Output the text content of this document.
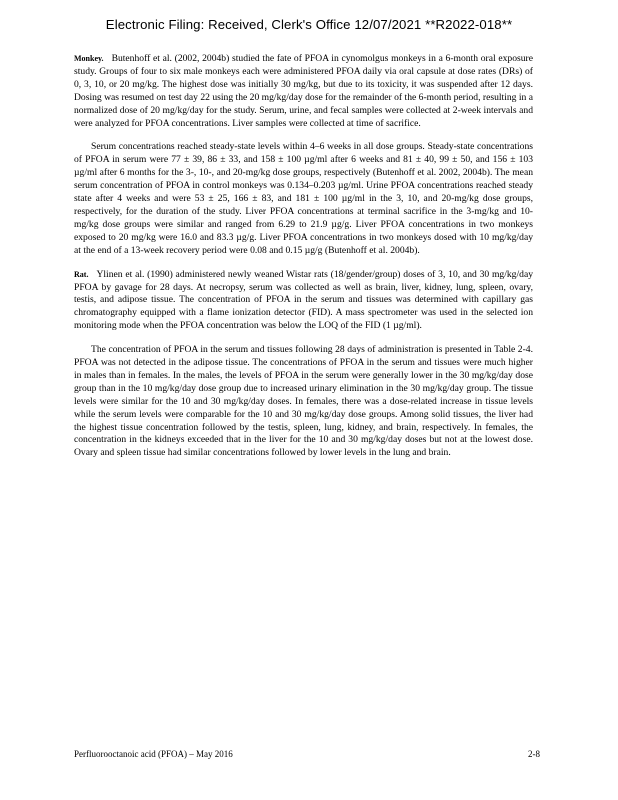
Electronic Filing: Received, Clerk's Office 12/07/2021 **R2022-018**

Monkey. Butenhoff et al. (2002, 2004b) studied the fate of PFOA in cynomolgus monkeys in a 6-month oral exposure study. Groups of four to six male monkeys each were administered PFOA daily via oral capsule at dose rates (DRs) of 0, 3, 10, or 20 mg/kg. The highest dose was initially 30 mg/kg, but due to its toxicity, it was suspended after 12 days. Dosing was resumed on test day 22 using the 20 mg/kg/day dose for the remainder of the 6-month period, resulting in a normalized dose of 20 mg/kg/day for the study. Serum, urine, and fecal samples were collected at 2-week intervals and were analyzed for PFOA concentrations. Liver samples were collected at time of sacrifice.

Serum concentrations reached steady-state levels within 4–6 weeks in all dose groups. Steady-state concentrations of PFOA in serum were 77 ± 39, 86 ± 33, and 158 ± 100 µg/ml after 6 weeks and 81 ± 40, 99 ± 50, and 156 ± 103 µg/ml after 6 months for the 3-, 10-, and 20-mg/kg dose groups, respectively (Butenhoff et al. 2002, 2004b). The mean serum concentration of PFOA in control monkeys was 0.134–0.203 µg/ml. Urine PFOA concentrations reached steady state after 4 weeks and were 53 ± 25, 166 ± 83, and 181 ± 100 µg/ml in the 3, 10, and 20-mg/kg dose groups, respectively, for the duration of the study. Liver PFOA concentrations at terminal sacrifice in the 3-mg/kg and 10-mg/kg dose groups were similar and ranged from 6.29 to 21.9 µg/g. Liver PFOA concentrations in two monkeys exposed to 20 mg/kg were 16.0 and 83.3 µg/g. Liver PFOA concentrations in two monkeys dosed with 10 mg/kg/day at the end of a 13-week recovery period were 0.08 and 0.15 µg/g (Butenhoff et al. 2004b).

Rat. Ylinen et al. (1990) administered newly weaned Wistar rats (18/gender/group) doses of 3, 10, and 30 mg/kg/day PFOA by gavage for 28 days. At necropsy, serum was collected as well as brain, liver, kidney, lung, spleen, ovary, testis, and adipose tissue. The concentration of PFOA in the serum and tissues was determined with capillary gas chromatography equipped with a flame ionization detector (FID). A mass spectrometer was used in the selected ion monitoring mode when the PFOA concentration was below the LOQ of the FID (1 µg/ml).

The concentration of PFOA in the serum and tissues following 28 days of administration is presented in Table 2-4. PFOA was not detected in the adipose tissue. The concentrations of PFOA in the serum and tissues were much higher in males than in females. In the males, the levels of PFOA in the serum were generally lower in the 30 mg/kg/day dose group than in the 10 mg/kg/day dose group due to increased urinary elimination in the 30 mg/kg/day group. The tissue levels were similar for the 10 and 30 mg/kg/day doses. In females, there was a dose-related increase in tissue levels while the serum levels were comparable for the 10 and 30 mg/kg/day dose groups. Among solid tissues, the liver had the highest tissue concentration followed by the testis, spleen, lung, kidney, and brain, respectively. In females, the concentration in the kidneys exceeded that in the liver for the 10 and 30 mg/kg/day doses but not at the lowest dose. Ovary and spleen tissue had similar concentrations followed by lower levels in the lung and brain.

Perfluorooctanoic acid (PFOA) – May 2016	2-8
